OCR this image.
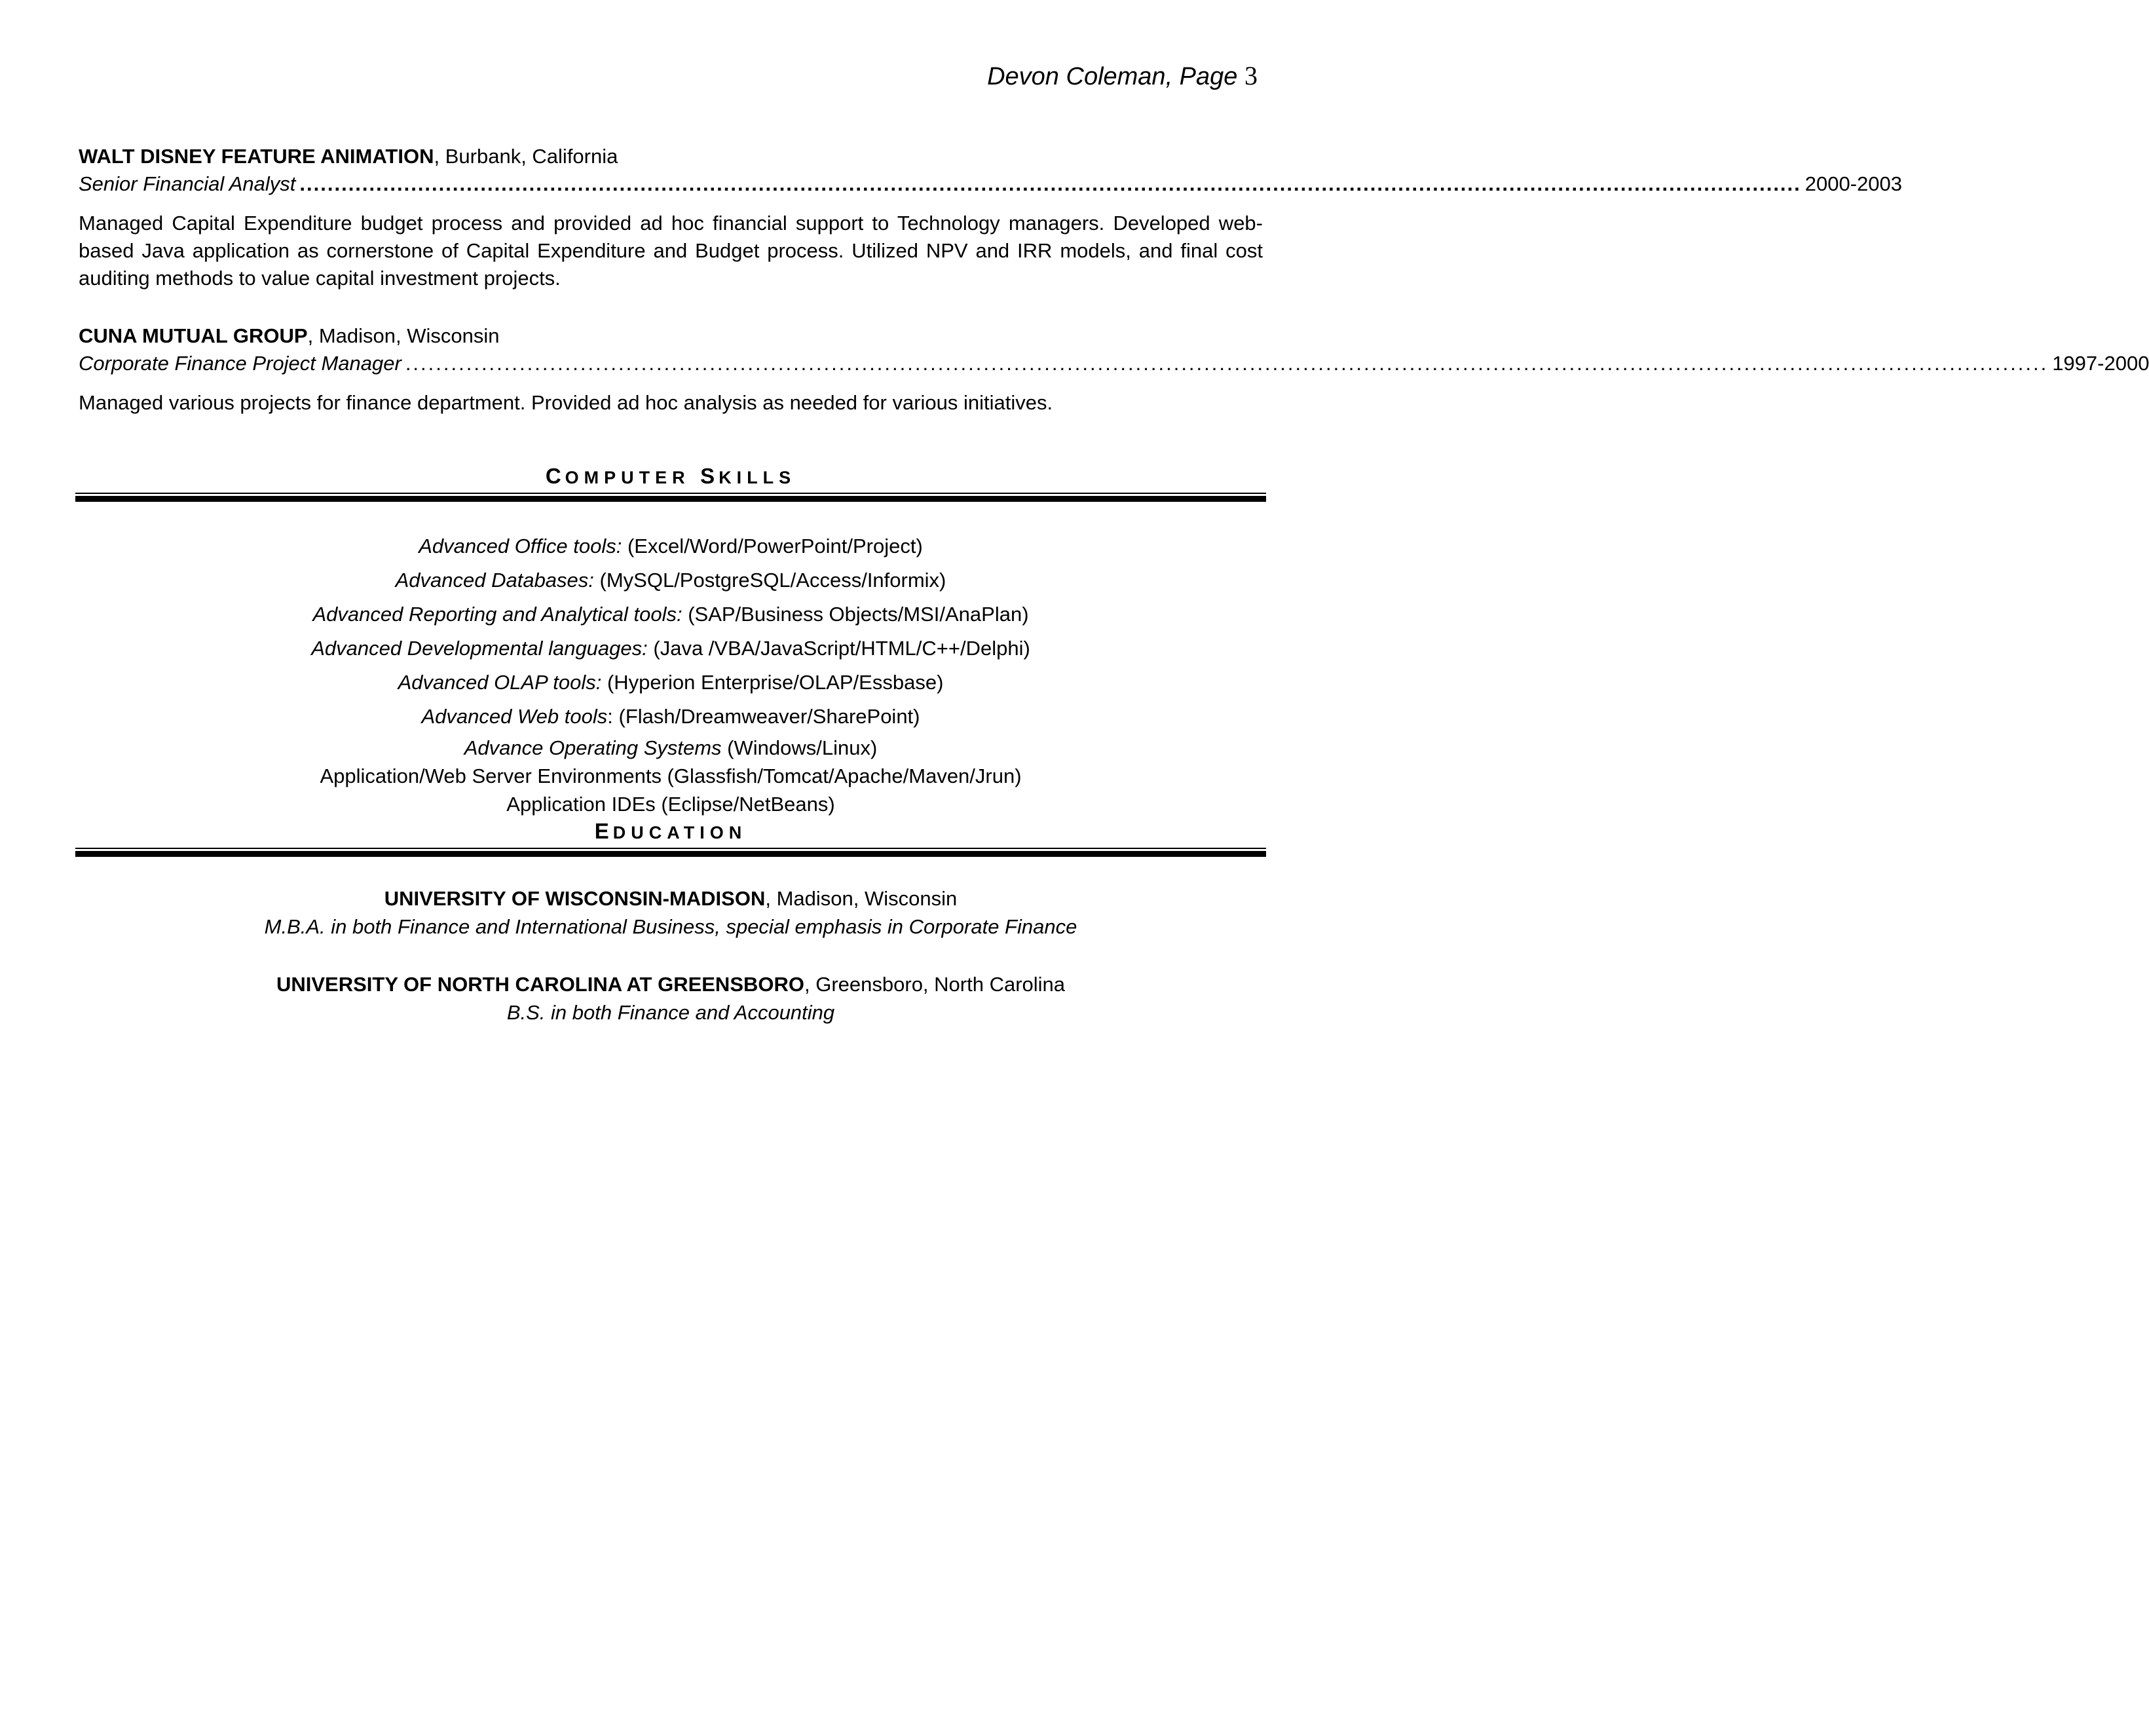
Devon Coleman, Page 3
WALT DISNEY FEATURE ANIMATION, Burbank, California
Senior Financial Analyst ........................................................................................................................................................................................................................ 2000-2003
Managed Capital Expenditure budget process and provided ad hoc financial support to Technology managers. Developed web-based Java application as cornerstone of Capital Expenditure and Budget process. Utilized NPV and IRR models, and final cost auditing methods to value capital investment projects.
CUNA MUTUAL GROUP, Madison, Wisconsin
Corporate Finance Project Manager ........................................................................................................................................................................................................................ 1997-2000
Managed various projects for finance department. Provided ad hoc analysis as needed for various initiatives.
COMPUTER SKILLS
Advanced Office tools: (Excel/Word/PowerPoint/Project)
Advanced Databases: (MySQL/PostgreSQL/Access/Informix)
Advanced Reporting and Analytical tools: (SAP/Business Objects/MSI/AnaPlan)
Advanced Developmental languages: (Java /VBA/JavaScript/HTML/C++/Delphi)
Advanced OLAP tools: (Hyperion Enterprise/OLAP/Essbase)
Advanced Web tools: (Flash/Dreamweaver/SharePoint)
Advance Operating Systems (Windows/Linux)
Application/Web Server Environments (Glassfish/Tomcat/Apache/Maven/Jrun)
Application IDEs (Eclipse/NetBeans)
EDUCATION
UNIVERSITY OF WISCONSIN-MADISON, Madison, Wisconsin
M.B.A. in both Finance and International Business, special emphasis in Corporate Finance
UNIVERSITY OF NORTH CAROLINA AT GREENSBORO, Greensboro, North Carolina
B.S. in both Finance and Accounting
